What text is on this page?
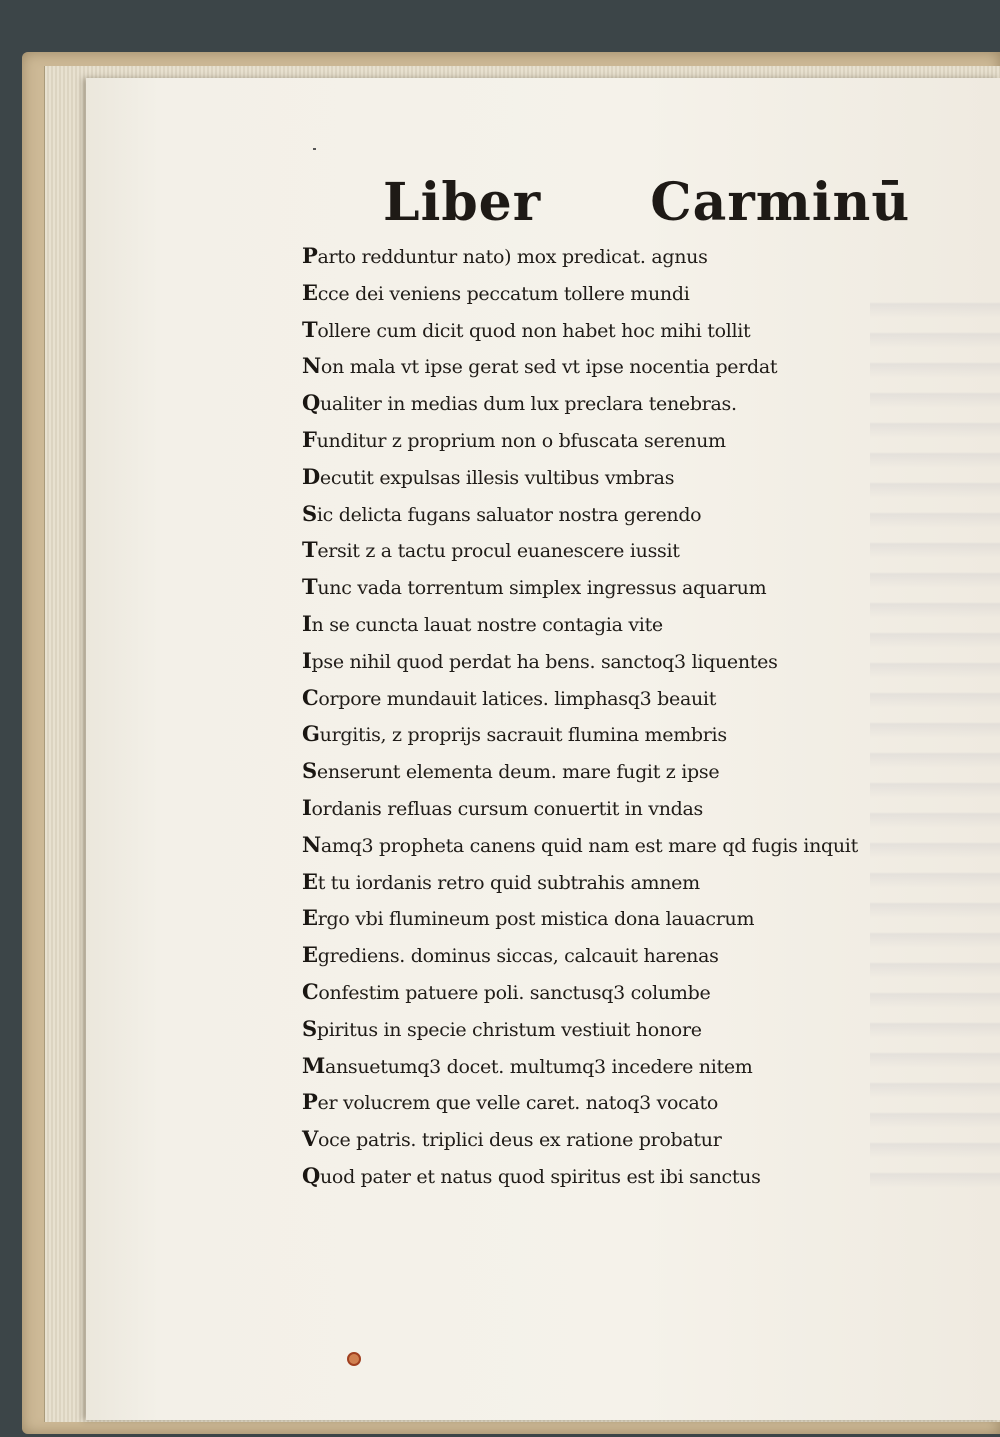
Liber Carminū
Parto redduntur nato) mox predicat. agnus
Ecce dei veniens peccatum tollere mundi
Tollere cum dicit quod non habet hoc mihi tollit
Non mala vt ipse gerat sed vt ipse nocentia perdat
Qualiter in medias dum lux preclara tenebras.
Funditur z proprium non o bfuscata serenum
Decutit expulsas illesis vultibus vmbras
Sic delicta fugans saluator nostra gerendo
Tersit z a tactu procul euanescere iussit
Tunc vada torrentum simplex ingressus aquarum
In se cuncta lauat nostre contagia vite
Ipse nihil quod perdat ha bens. sanctoq3 liquentes
Corpore mundauit latices. limphasq3 beauit
Gurgitis, z proprijs sacrauit flumina membris
Senserunt elementa deum. mare fugit z ipse
Iordanis refluas cursum conuertit in vndas
Namq3 propheta canens quid nam est mare qd fugis inquit
Et tu iordanis retro quid subtrahis amnem
Ergo vbi flumineum post mistica dona lauacrum
Egrediens. dominus siccas, calcauit harenas
Confestim patuere poli. sanctusq3 columbe
Spiritus in specie christum vestiuit honore
Mansuetumq3 docet. multumq3 incedere nitem
Per volucrem que velle caret. natoq3 vocato
Voce patris. triplici deus ex ratione probatur
Quod pater et natus quod spiritus est ibi sanctus
